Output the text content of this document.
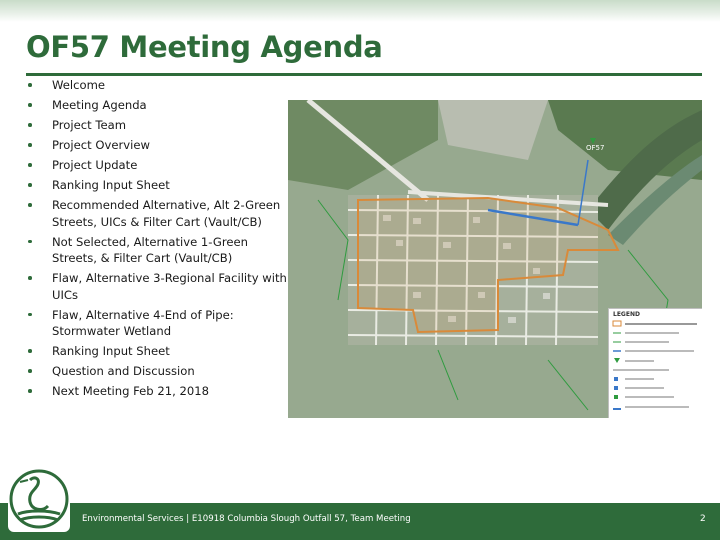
OF57 Meeting Agenda
Welcome
Meeting Agenda
Project Team
Project Overview
Project Update
Ranking Input Sheet
Recommended Alternative, Alt 2-Green Streets, UICs & Filter Cart (Vault/CB)
Not Selected, Alternative 1-Green Streets, & Filter Cart (Vault/CB)
Flaw, Alternative 3-Regional Facility with UICs
Flaw, Alternative 4-End of Pipe: Stormwater Wetland
Ranking Input Sheet
Question and Discussion
Next Meeting Feb 21, 2018
OF57
LEGEND
Environmental Services | E10918 Columbia Slough Outfall 57, Team Meeting	2
